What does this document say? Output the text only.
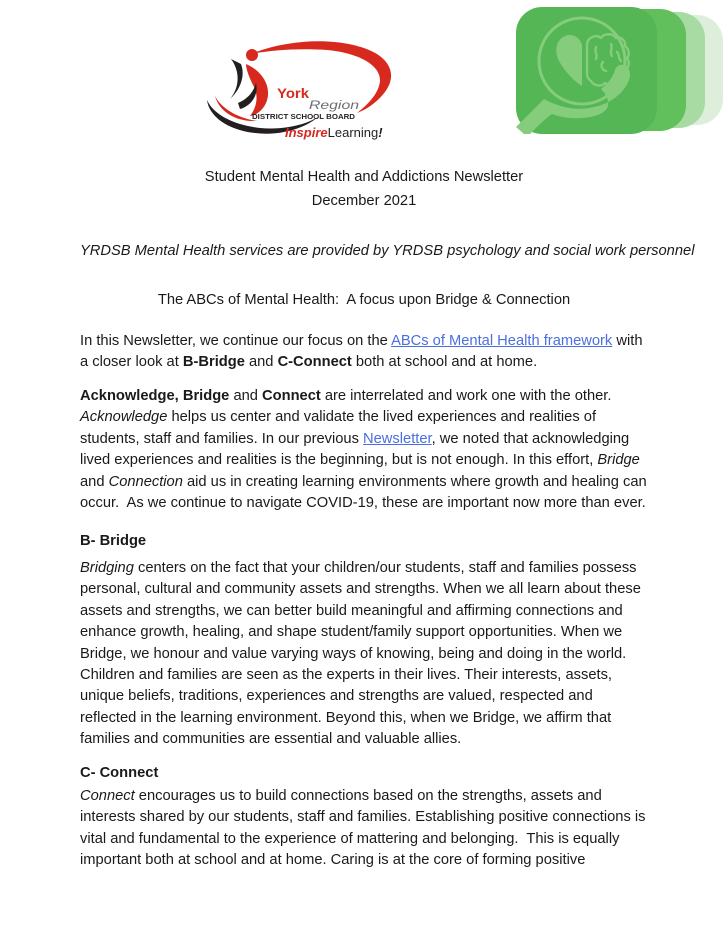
York
Region
DISTRICT SCHOOL BOARD
InspireLearning!
Student Mental Health and Addictions Newsletter
December 2021
YRDSB Mental Health services are provided by YRDSB psychology and social work personnel
The ABCs of Mental Health:  A focus upon Bridge & Connection
In this Newsletter, we continue our focus on the ABCs of Mental Health framework with a closer look at B-Bridge and C-Connect both at school and at home.
Acknowledge, Bridge and Connect are interrelated and work one with the other. Acknowledge helps us center and validate the lived experiences and realities of students, staff and families. In our previous Newsletter, we noted that acknowledging lived experiences and realities is the beginning, but is not enough. In this effort, Bridge and Connection aid us in creating learning environments where growth and healing can occur.  As we continue to navigate COVID-19, these are important now more than ever.
B- Bridge
Bridging centers on the fact that your children/our students, staff and families possess personal, cultural and community assets and strengths. When we all learn about these assets and strengths, we can better build meaningful and affirming connections and enhance growth, healing, and shape student/family support opportunities. When we Bridge, we honour and value varying ways of knowing, being and doing in the world. Children and families are seen as the experts in their lives. Their interests, assets, unique beliefs, traditions, experiences and strengths are valued, respected and reflected in the learning environment. Beyond this, when we Bridge, we affirm that families and communities are essential and valuable allies.
C- Connect
Connect encourages us to build connections based on the strengths, assets and interests shared by our students, staff and families. Establishing positive connections is vital and fundamental to the experience of mattering and belonging.  This is equally important both at school and at home. Caring is at the core of forming positive
